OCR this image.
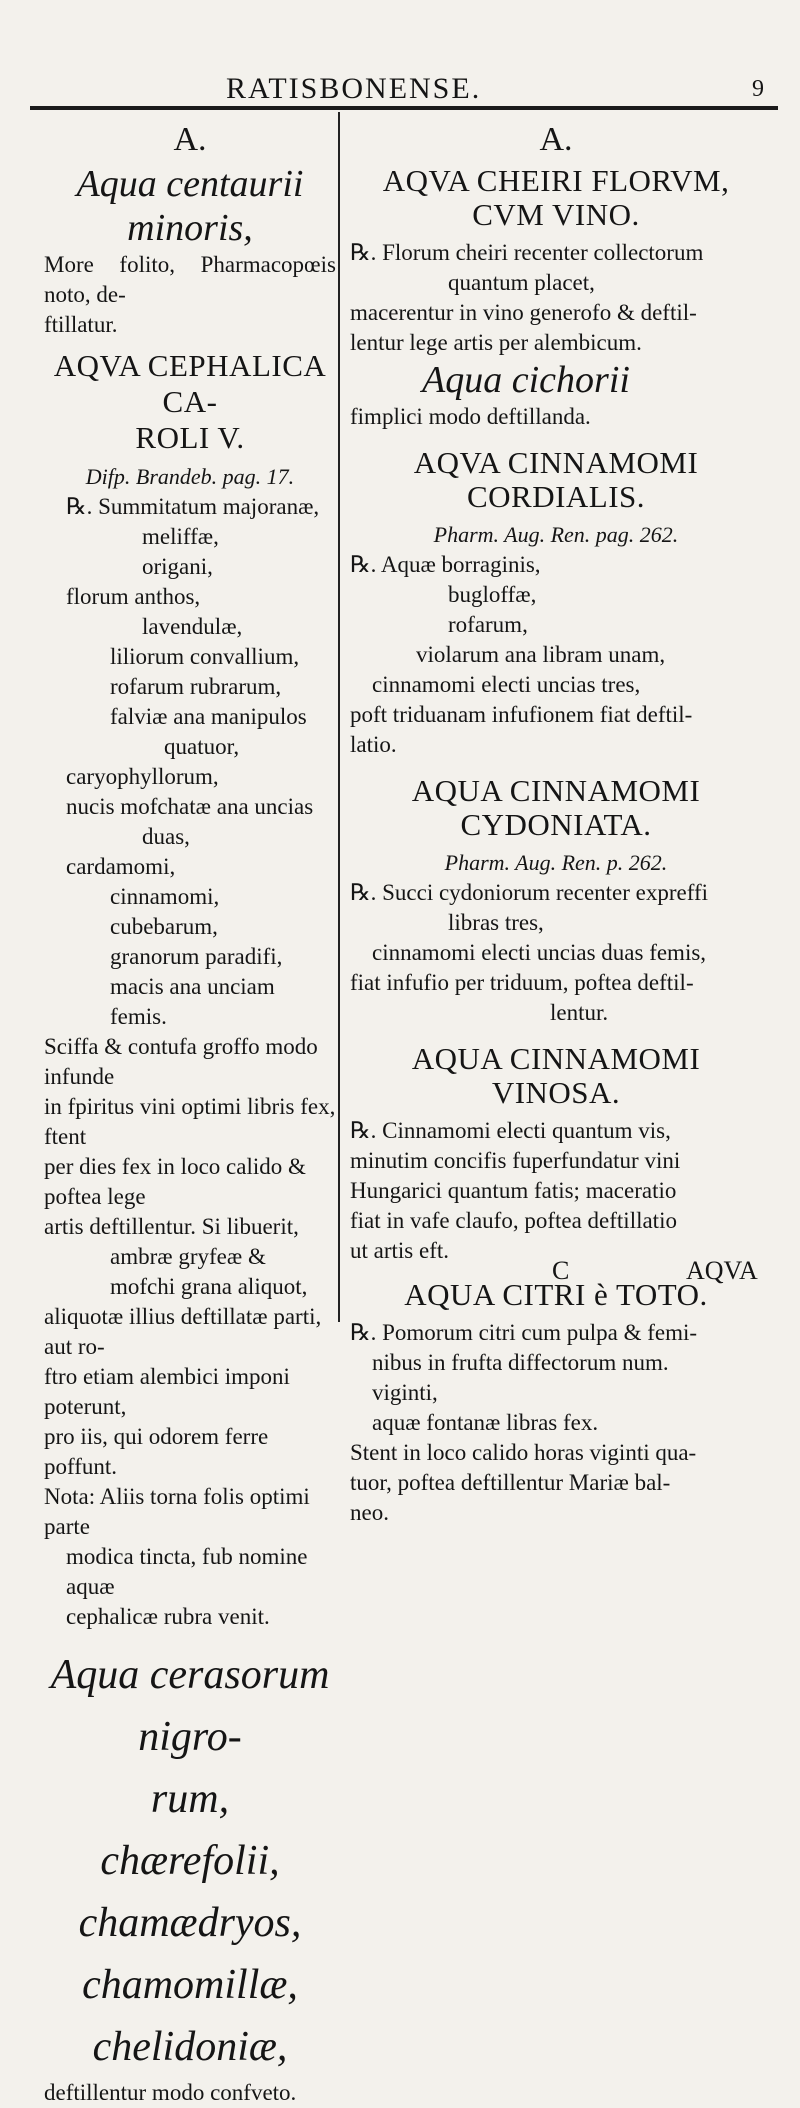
RATISBONENSE.	9
A.
Aqua centaurii minoris,
More folito, Pharmacopœis noto, de-
ftillatur.
AQVA CEPHALICA CA-
ROLI V.
Difp. Brandeb. pag. 17.
℞. Summitatum majoranæ,
meliffæ,
origani,
florum anthos,
lavendulæ,
liliorum convallium,
rofarum rubrarum,
falviæ ana manipulos
quatuor,
caryophyllorum,
nucis mofchatæ ana uncias
duas,
cardamomi,
cinnamomi,
cubebarum,
granorum paradifi,
macis ana unciam femis.
Sciffa & contufa groffo modo infunde
in fpiritus vini optimi libris fex, ftent
per dies fex in loco calido & poftea lege
artis deftillentur. Si libuerit,
ambræ gryfeæ &
mofchi grana aliquot,
aliquotæ illius deftillatæ parti, aut ro-
ftro etiam alembici imponi poterunt,
pro iis, qui odorem ferre poffunt.
Nota: Aliis torna folis optimi parte
modica tincta, fub nomine aquæ
cephalicæ rubra venit.
Aqua cerasorum nigro-
rum,
chærefolii,
chamædryos,
chamomillæ,
chelidoniæ,
deftillentur modo confveto.
A.
AQVA CHEIRI FLORVM,
CVM VINO.
℞. Florum cheiri recenter collectorum
quantum placet,
macerentur in vino generofo & deftil-
lentur lege artis per alembicum.
Aqua cichorii
fimplici modo deftillanda.
AQVA CINNAMOMI
CORDIALIS.
Pharm. Aug. Ren. pag. 262.
℞. Aquæ borraginis,
bugloffæ,
rofarum,
violarum ana libram unam,
cinnamomi electi uncias tres,
poft triduanam infufionem fiat deftil-
latio.
AQUA CINNAMOMI
CYDONIATA.
Pharm. Aug. Ren. p. 262.
℞. Succi cydoniorum recenter expreffi
libras tres,
cinnamomi electi uncias duas femis,
fiat infufio per triduum, poftea deftil-
lentur.
AQUA CINNAMOMI
VINOSA.
℞. Cinnamomi electi quantum vis,
minutim concifis fuperfundatur vini
Hungarici quantum fatis; maceratio
fiat in vafe claufo, poftea deftillatio
ut artis eft.
AQUA CITRI è TOTO.
℞. Pomorum citri cum pulpa & femi-
nibus in frufta diffectorum num.
viginti,
aquæ fontanæ libras fex.
Stent in loco calido horas viginti qua-
tuor, poftea deftillentur Mariæ bal-
neo.
C	AQVA
